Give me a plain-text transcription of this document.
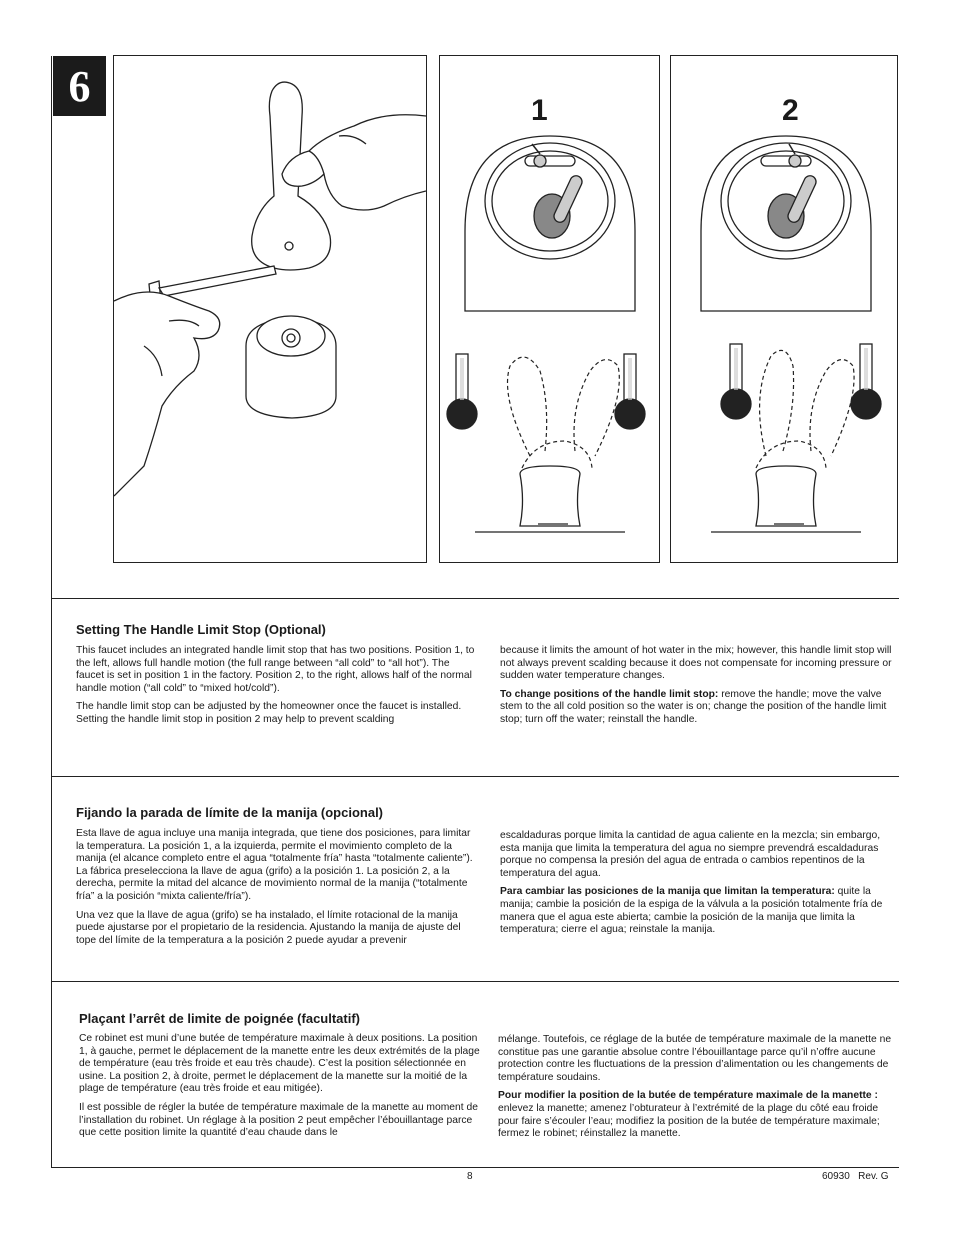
6	1	2
Setting The Handle Limit Stop (Optional)

This faucet includes an integrated handle limit stop that has two positions. Position 1, to the left, allows full handle motion (the full range between “all cold” to “all hot”). The faucet is set in position 1 in the factory. Position 2, to the right, allows half of the normal handle motion (“all cold” to “mixed hot/cold”).

The handle limit stop can be adjusted by the homeowner once the faucet is installed. Setting the handle limit stop in position 2 may help to prevent scalding

because it limits the amount of hot water in the mix; however, this handle limit stop will not always prevent scalding because it does not compensate for incoming pressure or sudden water temperature changes.

To change positions of the handle limit stop: remove the handle; move the valve stem to the all cold position so the water is on; change the position of the handle limit stop; turn off the water; reinstall the handle.

Fijando la parada de límite de la manija (opcional)

Esta llave de agua incluye una manija integrada, que tiene dos posiciones, para limitar la temperatura. La posición 1, a la izquierda, permite el movimiento completo de la manija (el alcance completo entre el agua “totalmente fría” hasta “totalmente caliente”). La fábrica preselecciona la llave de agua (grifo) a la posición 1. La posición 2, a la derecha, permite la mitad del alcance de movimiento normal de la manija (“totalmente fría” a la posición “mixta caliente/fría”).

Una vez que la llave de agua (grifo) se ha instalado, el límite rotacional de la manija puede ajustarse por el propietario de la residencia. Ajustando la manija de ajuste del tope del límite de la temperatura a la posición 2 puede ayudar a prevenir

escaldaduras porque limita la cantidad de agua caliente en la mezcla; sin embargo, esta manija que limita la temperatura del agua no siempre prevendrá escaldaduras porque no compensa la presión del agua de entrada o cambios repentinos de la temperatura del agua.

Para cambiar las posiciones de la manija que limitan la temperatura: quite la manija; cambie la posición de la espiga de la válvula a la posición totalmente fría de manera que el agua este abierta; cambie la posición de la manija que limita la temperatura; cierre el agua; reinstale la manija.

Plaçant l’arrêt de limite de poignée (facultatif)

Ce robinet est muni d’une butée de température maximale à deux positions. La position 1, à gauche, permet le déplacement de la manette entre les deux extrémités de la plage de température (eau très froide et eau très chaude). C’est la position sélectionnée en usine. La position 2, à droite, permet le déplacement de la manette sur la moitié de la plage de température (eau très froide et eau mitigée).

Il est possible de régler la butée de température maximale de la manette au moment de l’installation du robinet. Un réglage à la position 2 peut empêcher l’ébouillantage parce que cette position limite la quantité d’eau chaude dans le

mélange. Toutefois, ce réglage de la butée de température maximale de la manette ne constitue pas une garantie absolue contre l’ébouillantage parce qu’il n’offre aucune protection contre les fluctuations de la pression d’alimentation ou les changements de température soudains.

Pour modifier la position de la butée de température maximale de la manette : enlevez la manette; amenez l’obturateur à l’extrémité de la plage du côté eau froide pour faire s’écouler l’eau; modifiez la position de la butée de température maximale; fermez le robinet; réinstallez la manette.

8	60930 Rev. G
